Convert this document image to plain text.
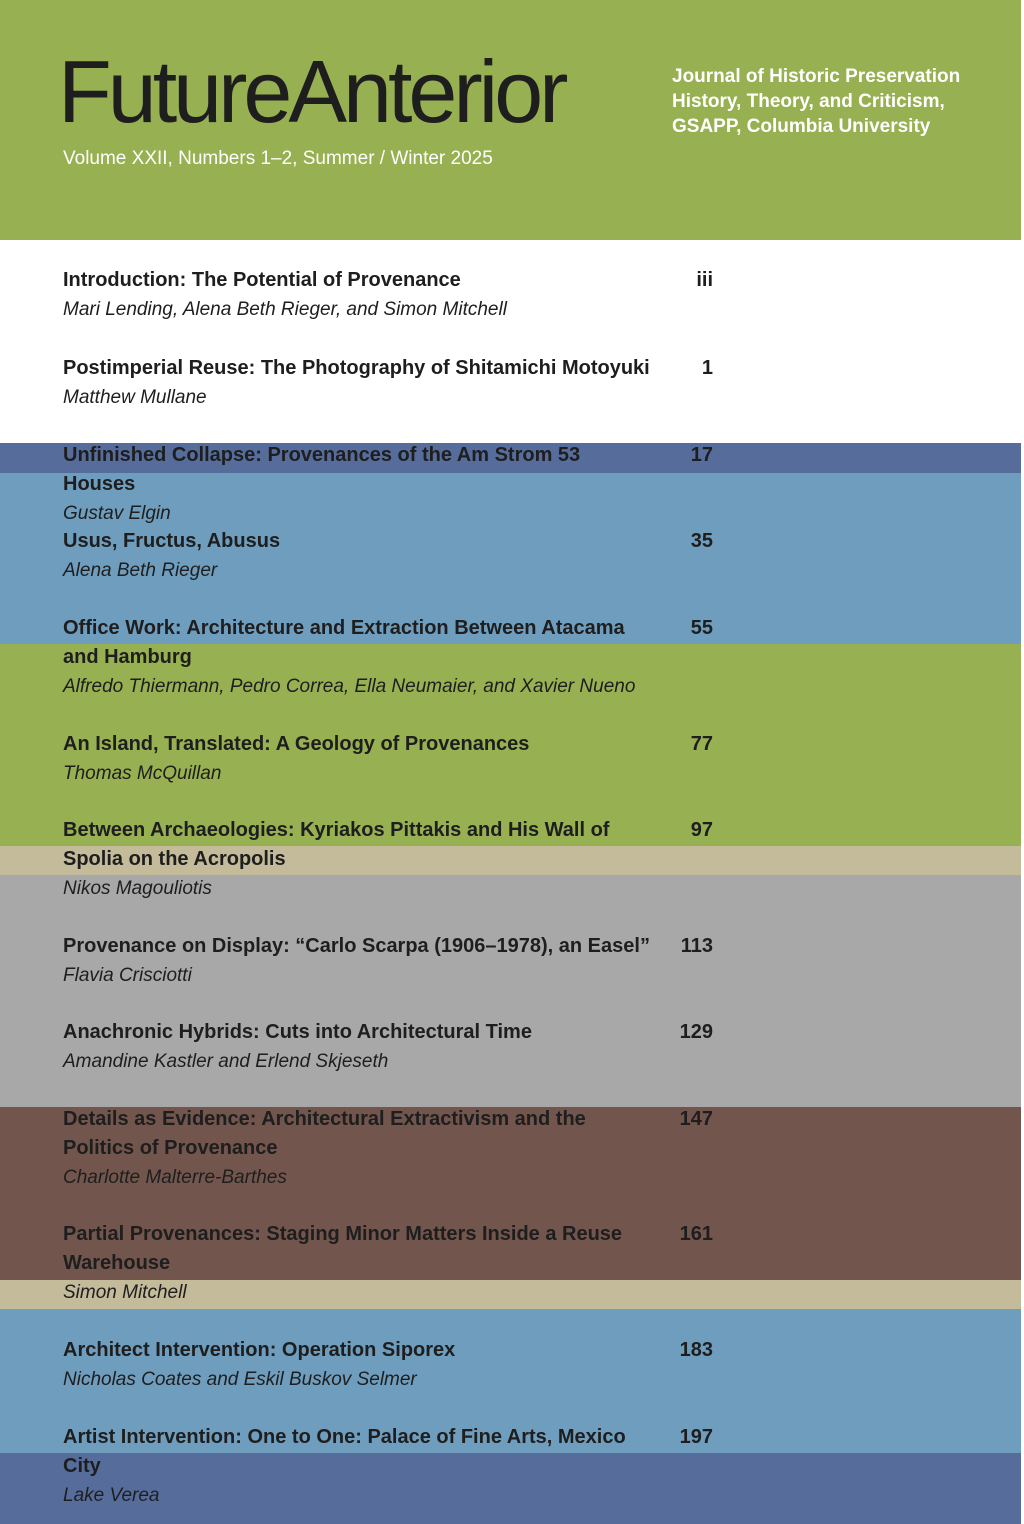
FutureAnterior
Volume XXII, Numbers 1–2, Summer / Winter 2025
Journal of Historic Preservation
History, Theory, and Criticism,
GSAPP, Columbia University
Introduction: The Potential of Provenance
Mari Lending, Alena Beth Rieger, and Simon Mitchell
iii
Postimperial Reuse: The Photography of Shitamichi Motoyuki
Matthew Mullane
1
Unfinished Collapse: Provenances of the Am Strom 53 Houses
Gustav Elgin
17
Usus, Fructus, Abusus
Alena Beth Rieger
35
Office Work: Architecture and Extraction Between Atacama and Hamburg
Alfredo Thiermann, Pedro Correa, Ella Neumaier, and Xavier Nueno
55
An Island, Translated: A Geology of Provenances
Thomas McQuillan
77
Between Archaeologies: Kyriakos Pittakis and His Wall of Spolia on the Acropolis
Nikos Magouliotis
97
Provenance on Display: “Carlo Scarpa (1906–1978), an Easel”
Flavia Crisciotti
113
Anachronic Hybrids: Cuts into Architectural Time
Amandine Kastler and Erlend Skjeseth
129
Details as Evidence: Architectural Extractivism and the Politics of Provenance
Charlotte Malterre-Barthes
147
Partial Provenances: Staging Minor Matters Inside a Reuse Warehouse
Simon Mitchell
161
Architect Intervention: Operation Siporex
Nicholas Coates and Eskil Buskov Selmer
183
Artist Intervention: One to One: Palace of Fine Arts, Mexico City
Lake Verea
197
